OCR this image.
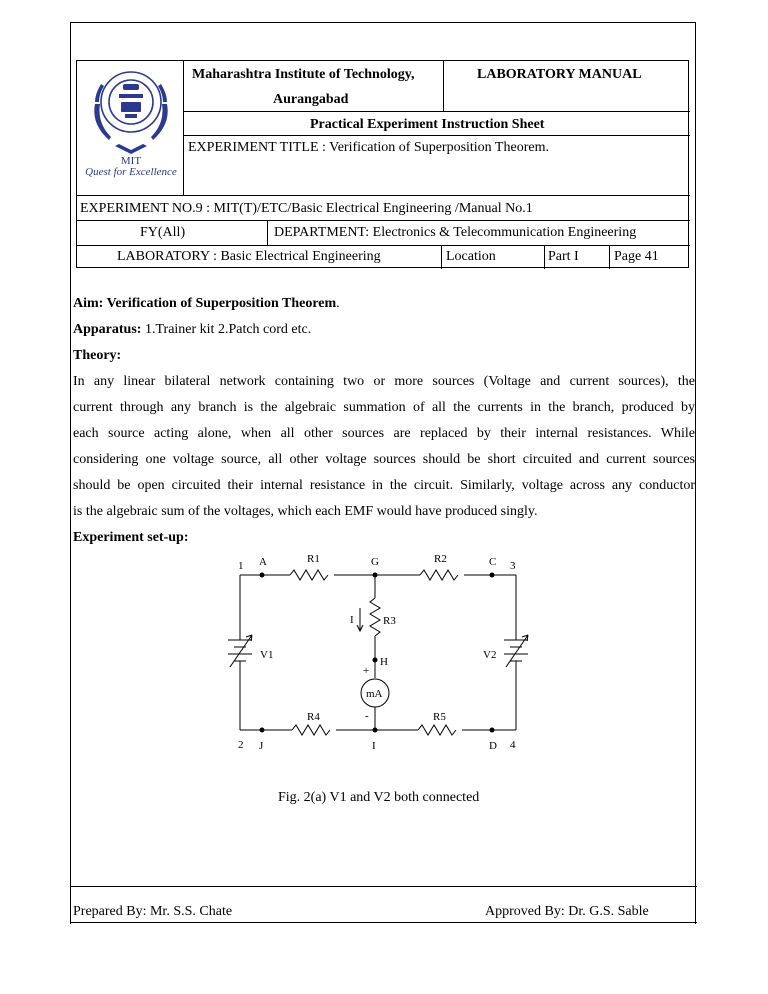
MIT
Quest for Excellence
Maharashtra Institute of Technology,
Aurangabad
LABORATORY MANUAL
Practical Experiment Instruction Sheet
EXPERIMENT TITLE : Verification of Superposition Theorem.
EXPERIMENT NO.9 : MIT(T)/ETC/Basic Electrical Engineering /Manual No.1
FY(All)	DEPARTMENT: Electronics & Telecommunication Engineering
LABORATORY : Basic Electrical Engineering	Location	Part I	Page 41
Aim: Verification of Superposition Theorem.
Apparatus: 1.Trainer kit 2.Patch cord etc.
Theory:
In any linear bilateral network containing two or more sources (Voltage and current sources), the
current through any branch is the algebraic summation of all the currents in the branch, produced by
each source acting alone, when all other sources are replaced by their internal resistances. While
considering one voltage source, all other voltage sources should be short circuited and current sources
should be open circuited their internal resistance in the circuit. Similarly, voltage across any conductor
is the algebraic sum of the voltages, which each EMF would have produced singly.
Experiment set-up:
1 A	R1	G	R2	C 3
V1	V2
I	R3
H
+
mA
-
R4	R5
2 J	I	D 4
Fig. 2(a) V1 and V2 both connected
Prepared By: Mr. S.S. Chate	Approved By: Dr. G.S. Sable
